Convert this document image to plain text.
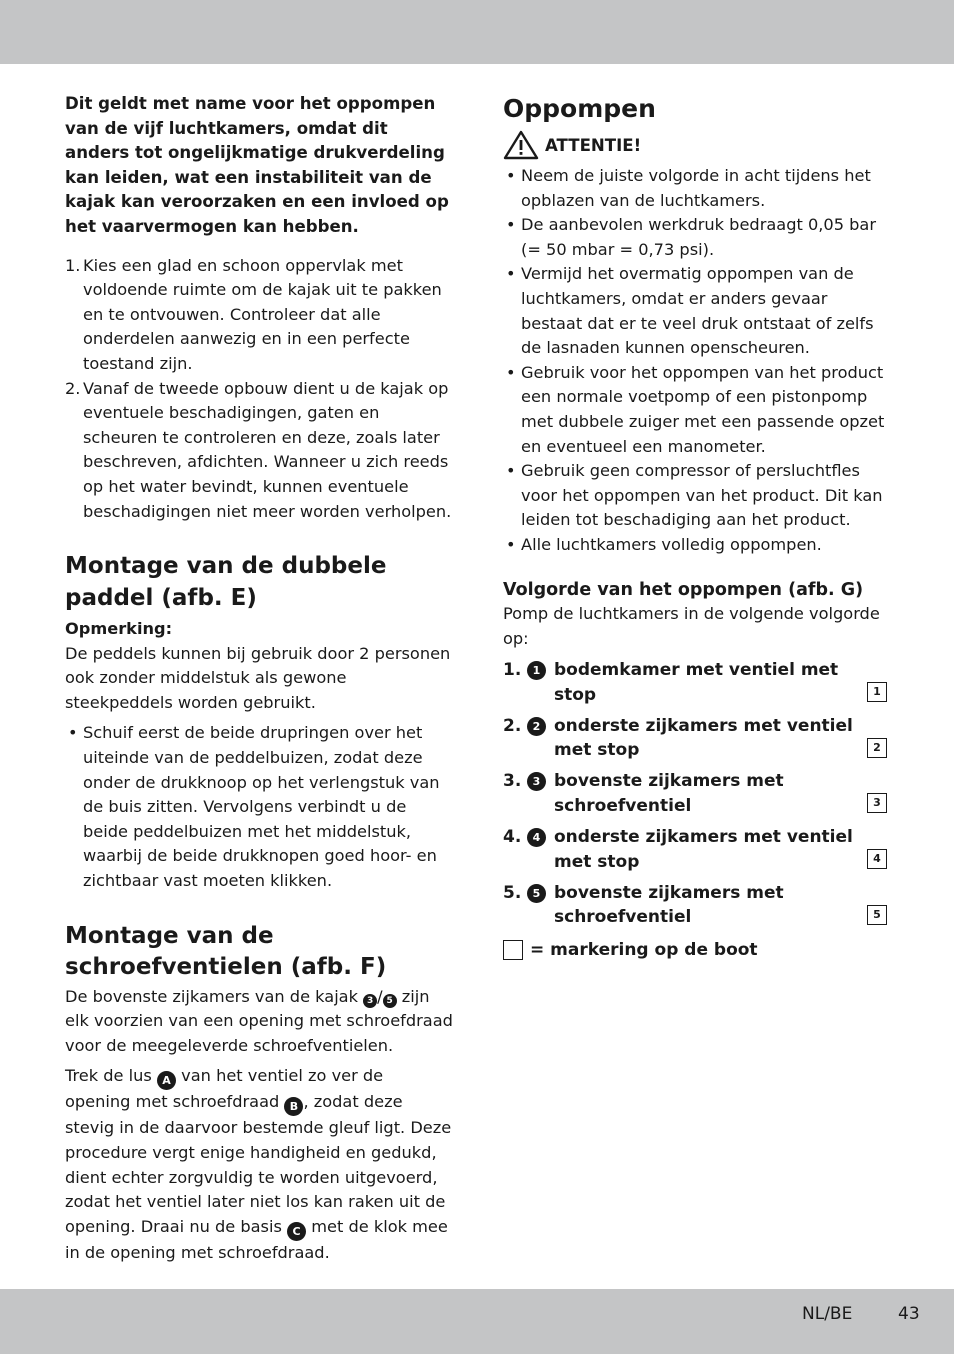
Dit geldt met name voor het oppompen van de vijf luchtkamers, omdat dit anders tot ongelijkmatige drukverdeling kan leiden, wat een instabiliteit van de kajak kan veroorzaken en een invloed op het vaarvermogen kan hebben.

1. Kies een glad en schoon oppervlak met voldoende ruimte om de kajak uit te pakken en te ontvouwen. Controleer dat alle onderdelen aanwezig en in een perfecte toestand zijn.
2. Vanaf de tweede opbouw dient u de kajak op eventuele beschadigingen, gaten en scheuren te controleren en deze, zoals later beschreven, afdichten. Wanneer u zich reeds op het water bevindt, kunnen eventuele beschadigingen niet meer worden verholpen.
Montage van de dubbele paddel (afb. E)

Opmerking:

De peddels kunnen bij gebruik door 2 personen ook zonder middelstuk als gewone steekpeddels worden gebruikt.

• Schuif eerst de beide drupringen over het uiteinde van de peddelbuizen, zodat deze onder de drukknoop op het verlengstuk van de buis zitten. Vervolgens verbindt u de beide peddelbuizen met het middelstuk, waarbij de beide drukknopen goed hoor- en zichtbaar vast moeten klikken.
Montage van de schroefventielen (afb. F)

De bovenste zijkamers van de kajak 3 / 5 zijn elk voorzien van een opening met schroefdraad voor de meegeleverde schroefventielen.

Trek de lus A van het ventiel zo ver de opening met schroefdraad B , zodat deze stevig in de daarvoor bestemde gleuf ligt. Deze procedure vergt enige handigheid en gedukd, dient echter zorgvuldig te worden uitgevoerd, zodat het ventiel later niet los kan raken uit de opening. Draai nu de basis C met de klok mee in de opening met schroefdraad.

Oppompen
ATTENTIE!
• Neem de juiste volgorde in acht tijdens het opblazen van de luchtkamers.
• De aanbevolen werkdruk bedraagt 0,05 bar (= 50 mbar = 0,73 psi).
• Vermijd het overmatig oppompen van de luchtkamers, omdat er anders gevaar bestaat dat er te veel druk ontstaat of zelfs de lasnaden kunnen openscheuren.
• Gebruik voor het oppompen van het product een normale voetpomp of een pistonpomp met dubbele zuiger met een passende opzet en eventueel een manometer.
• Gebruik geen compressor of persluchtfles voor het oppompen van het product. Dit kan leiden tot beschadiging aan het product.
• Alle luchtkamers volledig oppompen.
Volgorde van het oppompen (afb. G)

Pomp de luchtkamers in de volgende volgorde op:

1.	1 bodemkamer met ventiel met stop	1
2.	2 onderste zijkamers met ventiel met stop	2
3.	3 bovenste zijkamers met schroefventiel	3
4.	4 onderste zijkamers met ventiel met stop	4
5.	5 bovenste zijkamers met schroefventiel	5
= markering op de boot
NL/BE	43
